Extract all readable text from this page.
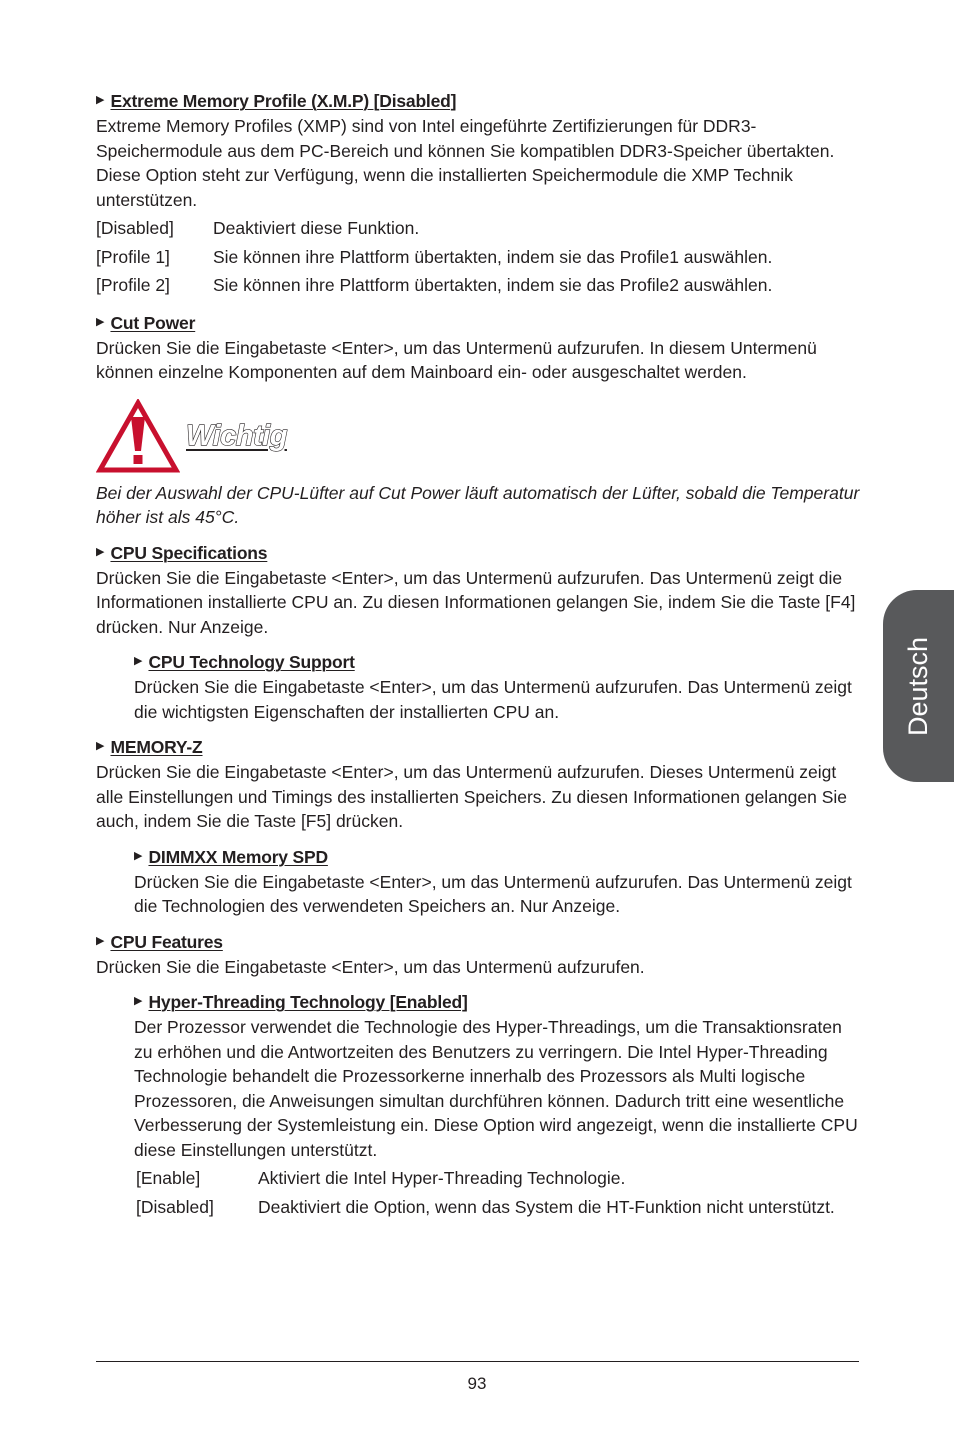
▶ Extreme Memory Profile (X.M.P) [Disabled]

Extreme Memory Profiles (XMP) sind von Intel eingeführte Zertifizierungen für DDR3-Speichermodule aus dem PC-Bereich und können Sie kompatiblen DDR3-Speicher übertakten. Diese Option steht zur Verfügung, wenn die installierten Speichermodule die XMP Technik unterstützen.

[Disabled]	Deaktiviert diese Funktion.
[Profile 1]	Sie können ihre Plattform übertakten, indem sie das Profile1 auswählen.
[Profile 2]	Sie können ihre Plattform übertakten, indem sie das Profile2 auswählen.
▶ Cut Power

Drücken Sie die Eingabetaste <Enter>, um das Untermenü aufzurufen. In diesem Untermenü können einzelne Komponenten auf dem Mainboard ein- oder ausgeschaltet werden.

Wichtig

Bei der Auswahl der CPU-Lüfter auf Cut Power läuft automatisch der Lüfter, sobald die Temperatur höher ist als 45°C.

▶ CPU Specifications

Drücken Sie die Eingabetaste <Enter>, um das Untermenü aufzurufen. Das Untermenü zeigt die Informationen installierte CPU an. Zu diesen Informationen gelangen Sie, indem Sie die Taste [F4] drücken. Nur Anzeige.

▶ CPU Technology Support

Drücken Sie die Eingabetaste <Enter>, um das Untermenü aufzurufen. Das Untermenü zeigt die wichtigsten Eigenschaften der installierten CPU an.

▶ MEMORY-Z

Drücken Sie die Eingabetaste <Enter>, um das Untermenü aufzurufen. Dieses Untermenü zeigt alle Einstellungen und Timings des installierten Speichers. Zu diesen Informationen gelangen Sie auch, indem Sie die Taste [F5] drücken.

▶ DIMMXX Memory SPD

Drücken Sie die Eingabetaste <Enter>, um das Untermenü aufzurufen. Das Untermenü zeigt die Technologien des verwendeten Speichers an. Nur Anzeige.

▶ CPU Features

Drücken Sie die Eingabetaste <Enter>, um das Untermenü aufzurufen.

▶ Hyper-Threading Technology [Enabled]

Der Prozessor verwendet die Technologie des Hyper-Threadings, um die Transaktionsraten zu erhöhen und die Antwortzeiten des Benutzers zu verringern. Die Intel Hyper-Threading Technologie behandelt die Prozessorkerne innerhalb des Prozessors als Multi logische Prozessoren, die Anweisungen simultan durchführen können. Dadurch tritt eine wesentliche Verbesserung der Systemleistung ein. Diese Option wird angezeigt, wenn die installierte CPU diese Einstellungen unterstützt.

[Enable]	Aktiviert die Intel Hyper-Threading Technologie.
[Disabled]	Deaktiviert die Option, wenn das System die HT-Funktion nicht unterstützt.
Deutsch
93
